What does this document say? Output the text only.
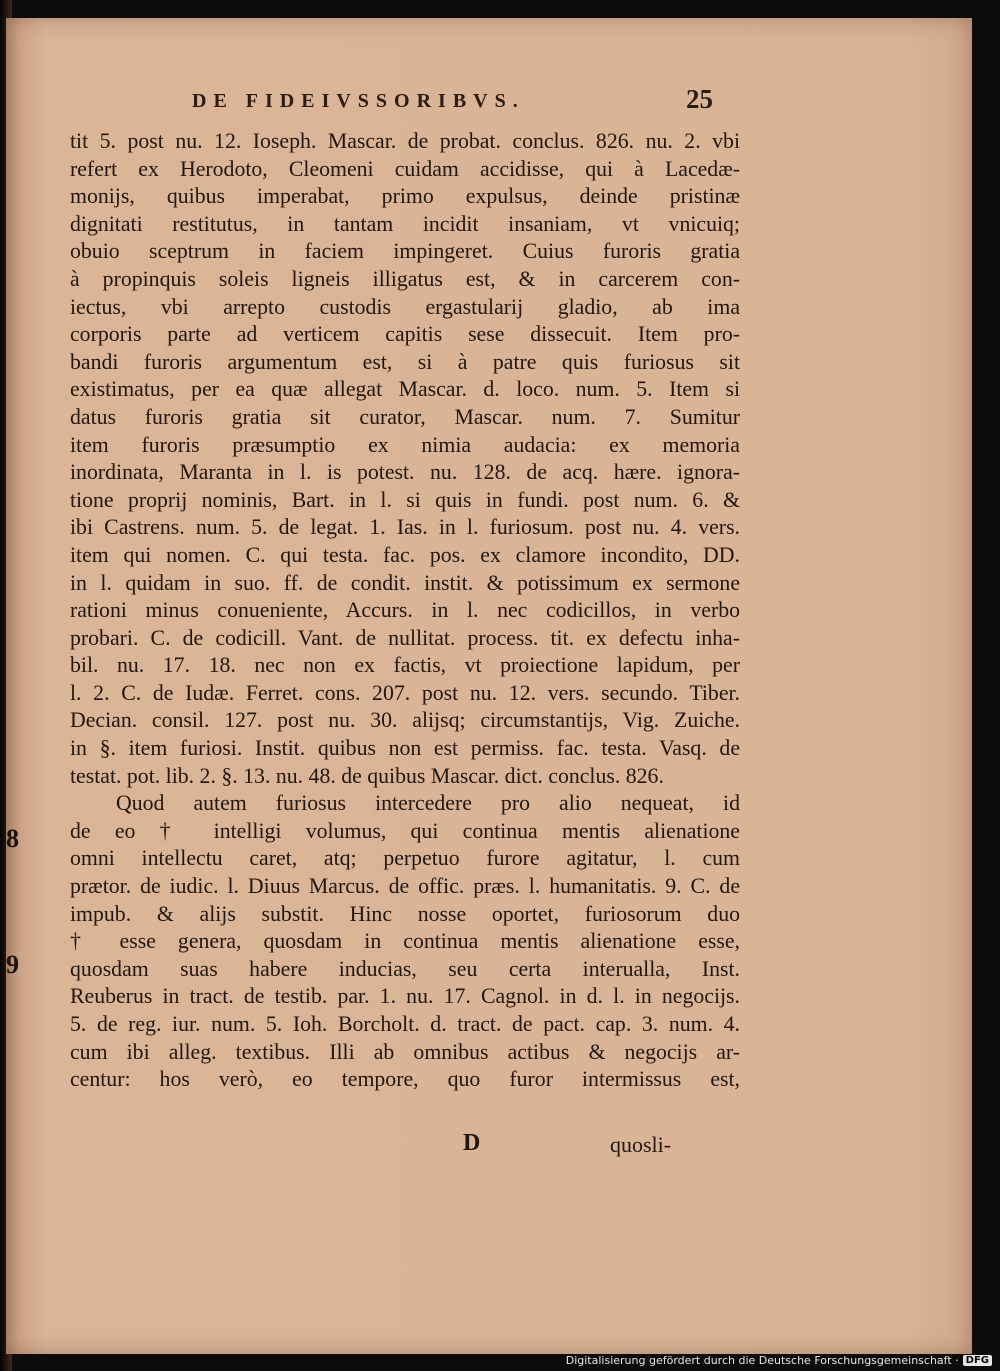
DE FIDEIVSSORIBVS.	25
tit 5. post nu. 12. Ioseph. Mascar. de probat. conclus. 826. nu. 2. vbi
refert ex Herodoto, Cleomeni cuidam accidisse, qui à Lacedæ-
monijs, quibus imperabat, primo expulsus, deinde pristinæ
dignitati restitutus, in tantam incidit insaniam, vt vnicuiq;
obuio sceptrum in faciem impingeret. Cuius furoris gratia
à propinquis soleis ligneis illigatus est, & in carcerem con-
iectus, vbi arrepto custodis ergastularij gladio, ab ima
corporis parte ad verticem capitis sese dissecuit. Item pro-
bandi furoris argumentum est, si à patre quis furiosus sit
existimatus, per ea quæ allegat Mascar. d. loco. num. 5. Item si
datus furoris gratia sit curator, Mascar. num. 7. Sumitur
item furoris præsumptio ex nimia audacia: ex memoria
inordinata, Maranta in l. is potest. nu. 128. de acq. hære. ignora-
tione proprij nominis, Bart. in l. si quis in fundi. post num. 6. &
ibi Castrens. num. 5. de legat. 1. Ias. in l. furiosum. post nu. 4. vers.
item qui nomen. C. qui testa. fac. pos. ex clamore incondito, DD.
in l. quidam in suo. ff. de condit. instit. & potissimum ex sermone
rationi minus conueniente, Accurs. in l. nec codicillos, in verbo
probari. C. de codicill. Vant. de nullitat. process. tit. ex defectu inha-
bil. nu. 17. 18. nec non ex factis, vt proiectione lapidum, per
l. 2. C. de Iudæ. Ferret. cons. 207. post nu. 12. vers. secundo. Tiber.
Decian. consil. 127. post nu. 30. alijsq; circumstantijs, Vig. Zuiche.
in §. item furiosi. Instit. quibus non est permiss. fac. testa. Vasq. de
testat. pot. lib. 2. §. 13. nu. 48. de quibus Mascar. dict. conclus. 826.
Quod autem furiosus intercedere pro alio nequeat, id
de eo † intelligi volumus, qui continua mentis alienatione
omni intellectu caret, atq; perpetuo furore agitatur, l. cum
prætor. de iudic. l. Diuus Marcus. de offic. præs. l. humanitatis. 9. C. de
impub. & alijs substit. Hinc nosse oportet, furiosorum duo
† esse genera, quosdam in continua mentis alienatione esse,
quosdam suas habere inducias, seu certa interualla, Inst.
Reuberus in tract. de testib. par. 1. nu. 17. Cagnol. in d. l. in negocijs.
5. de reg. iur. num. 5. Ioh. Borcholt. d. tract. de pact. cap. 3. num. 4.
cum ibi alleg. textibus. Illi ab omnibus actibus & negocijs ar-
centur: hos verò, eo tempore, quo furor intermissus est,
8
9
D	quosli-
Digitalisierung gefördert durch die Deutsche Forschungsgemeinschaft · DFG
